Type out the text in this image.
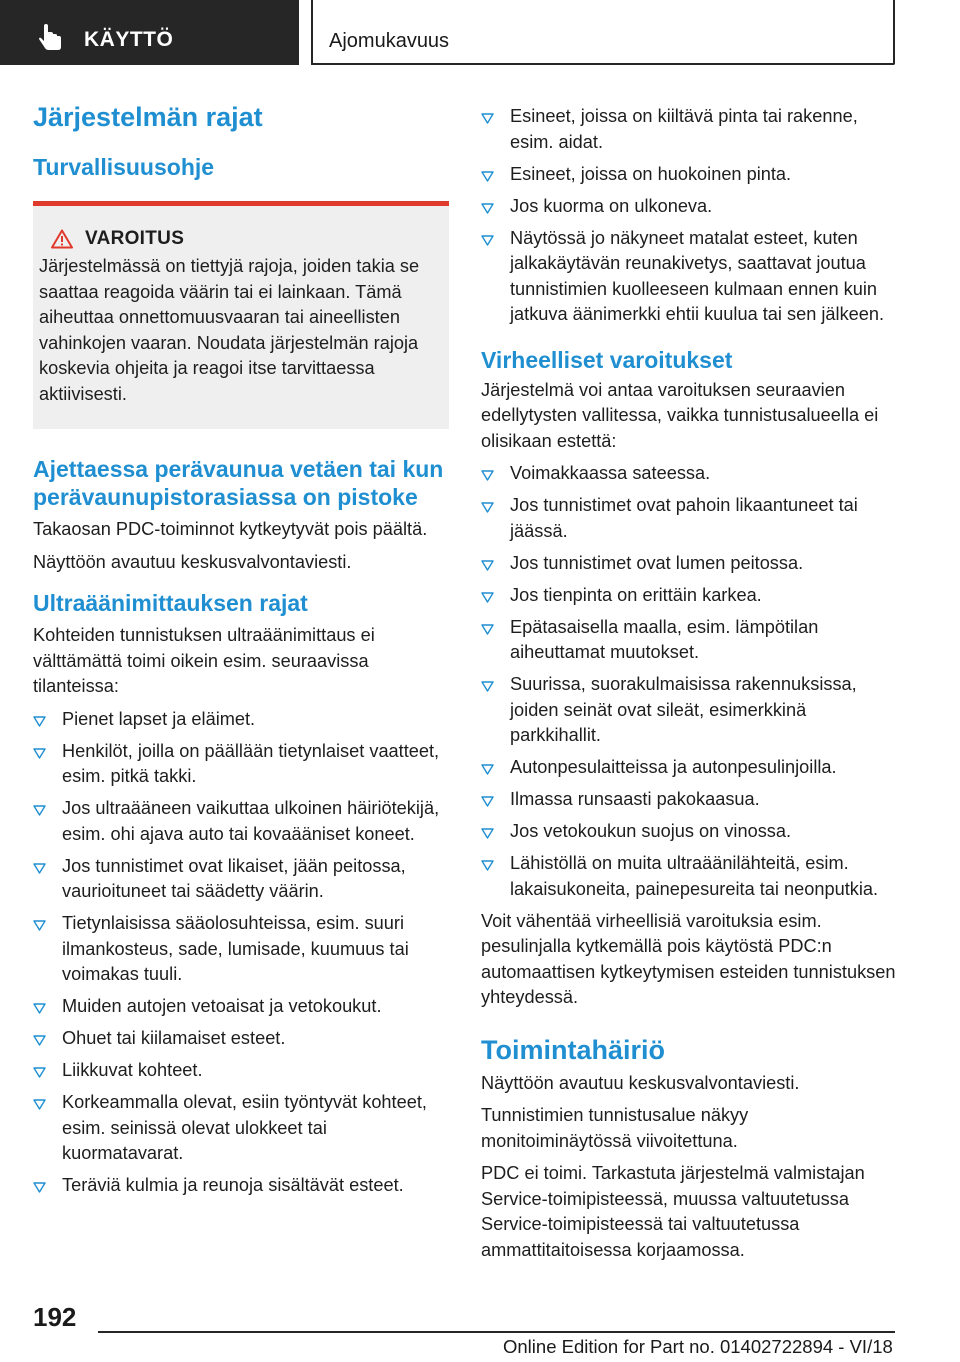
KÄYTTÖ	Ajomukavuus
Järjestelmän rajat
Turvallisuusohje
VAROITUS
Järjestelmässä on tiettyjä rajoja, joiden takia se saattaa reagoida väärin tai ei lainkaan. Tämä aiheuttaa onnettomuusvaaran tai aineellisten vahinkojen vaaran. Noudata järjestelmän rajoja koskevia ohjeita ja reagoi itse tarvittaessa aktiivisesti.
Ajettaessa perävaunua vetäen tai kun perävaunupistorasiassa on pistoke
Takaosan PDC-toiminnot kytkeytyvät pois päältä.
Näyttöön avautuu keskusvalvontaviesti.
Ultraäänimittauksen rajat
Kohteiden tunnistuksen ultraäänimittaus ei välttämättä toimi oikein esim. seuraavissa tilanteissa:
Pienet lapset ja eläimet.
Henkilöt, joilla on päällään tietynlaiset vaatteet, esim. pitkä takki.
Jos ultraääneen vaikuttaa ulkoinen häiriötekijä, esim. ohi ajava auto tai kovaääniset koneet.
Jos tunnistimet ovat likaiset, jään peitossa, vaurioituneet tai säädetty väärin.
Tietynlaisissa sääolosuhteissa, esim. suuri ilmankosteus, sade, lumisade, kuumuus tai voimakas tuuli.
Muiden autojen vetoaisat ja vetokoukut.
Ohuet tai kiilamaiset esteet.
Liikkuvat kohteet.
Korkeammalla olevat, esiin työntyvät kohteet, esim. seinissä olevat ulokkeet tai kuormatavarat.
Teräviä kulmia ja reunoja sisältävät esteet.
Esineet, joissa on kiiltävä pinta tai rakenne, esim. aidat.
Esineet, joissa on huokoinen pinta.
Jos kuorma on ulkoneva.
Näytössä jo näkyneet matalat esteet, kuten jalkakäytävän reunakivetys, saattavat joutua tunnistimien kuolleeseen kulmaan ennen kuin jatkuva äänimerkki ehtii kuulua tai sen jälkeen.
Virheelliset varoitukset
Järjestelmä voi antaa varoituksen seuraavien edellytysten vallitessa, vaikka tunnistusalueella ei olisikaan estettä:
Voimakkaassa sateessa.
Jos tunnistimet ovat pahoin likaantuneet tai jäässä.
Jos tunnistimet ovat lumen peitossa.
Jos tienpinta on erittäin karkea.
Epätasaisella maalla, esim. lämpötilan aiheuttamat muutokset.
Suurissa, suorakulmaisissa rakennuksissa, joiden seinät ovat sileät, esimerkkinä parkkihallit.
Autonpesulaitteissa ja autonpesulinjoilla.
Ilmassa runsaasti pakokaasua.
Jos vetokoukun suojus on vinossa.
Lähistöllä on muita ultraäänilähteitä, esim. lakaisukoneita, painepesureita tai neonputkia.
Voit vähentää virheellisiä varoituksia esim. pesulinjalla kytkemällä pois käytöstä PDC:n automaattisen kytkeytymisen esteiden tunnistuksen yhteydessä.
Toimintahäiriö
Näyttöön avautuu keskusvalvontaviesti.
Tunnistimien tunnistusalue näkyy monitoiminäytössä viivoitettuna.
PDC ei toimi. Tarkastuta järjestelmä valmistajan Service-toimipisteessä, muussa valtuutetussa Service-toimipisteessä tai valtuutetussa ammattitaitoisessa korjaamossa.
192
Online Edition for Part no. 01402722894 - VI/18
